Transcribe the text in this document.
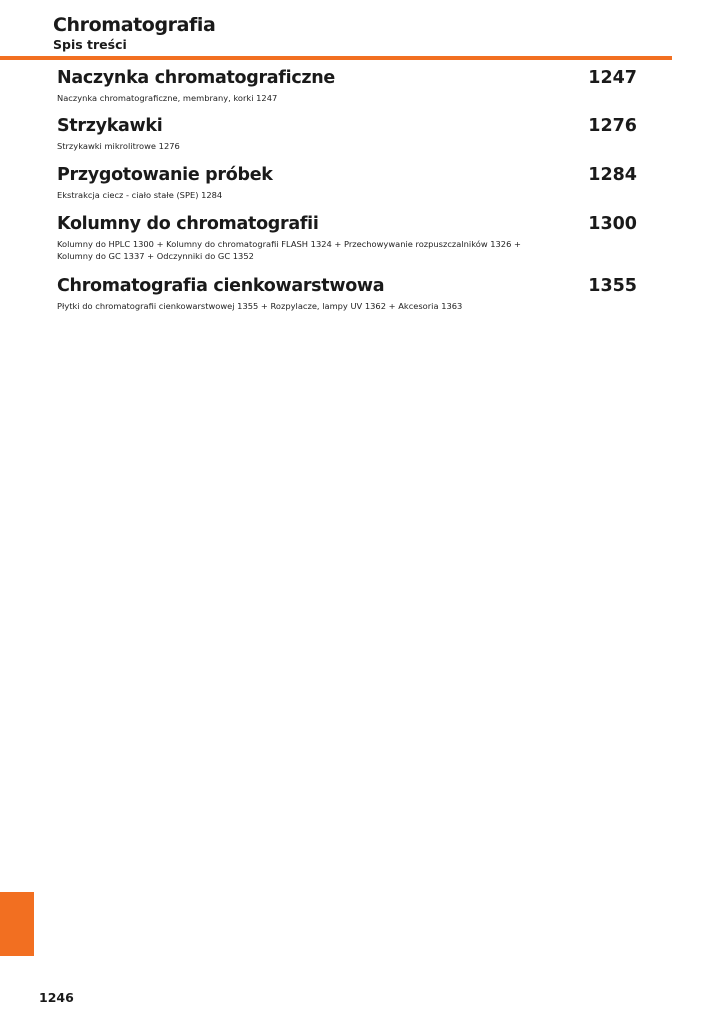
Chromatografia
Spis treści
Naczynka chromatograficzne	1247
Naczynka chromatograficzne, membrany, korki 1247
Strzykawki	1276
Strzykawki mikrolitrowe 1276
Przygotowanie próbek	1284
Ekstrakcja ciecz - ciało stałe (SPE) 1284
Kolumny do chromatografii	1300
Kolumny do HPLC 1300 + Kolumny do chromatografii FLASH 1324 + Przechowywanie rozpuszczalników 1326 +
Kolumny do GC 1337 + Odczynniki do GC 1352
Chromatografia cienkowarstwowa	1355
Płytki do chromatografii cienkowarstwowej 1355 + Rozpylacze, lampy UV 1362 + Akcesoria 1363
1246
